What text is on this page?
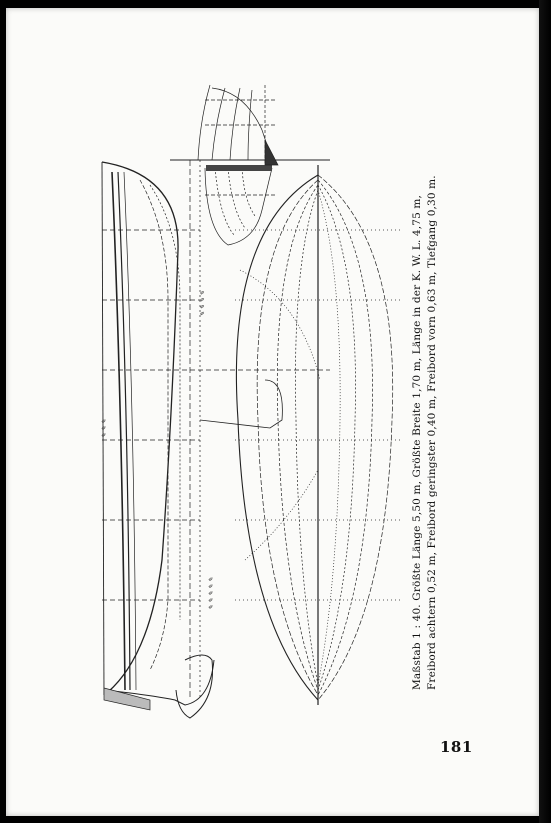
✎ ✎ ✎ ✎
✎ ✎ ✎
✎ ✎ ✎ ✎ ✎	Maßstab 1 : 40. Größte Länge 5,50 m, Größte Breite 1,70 m, Länge in der K. W. L. 4,75 m, Freibord achtern 0,52 m, Freibord geringster 0,40 m, Freibord vorn 0,63 m, Tiefgang 0,30 m.
181
